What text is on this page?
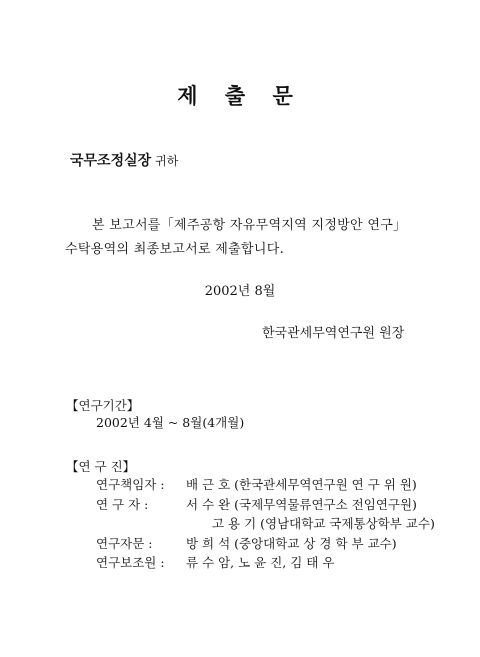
제 출 문
국무조정실장 귀하
본 보고서를「제주공항 자유무역지역 지정방안 연구」
수탁용역의 최종보고서로 제출합니다.
2002년 8월
한국관세무역연구원 원장
【연구기간】
2002년 4월 ~ 8월(4개월)
【연 구 진】
연구책임자 : 배 근 호 (한국관세무역연구원 연 구 위 원)
연 구 자 :	서 수 완 (국제무역물류연구소 전임연구원)
고 용 기 (영남대학교 국제통상학부 교수)
연구자문 :	방 희 석 (중앙대학교 상 경 학 부 교수)
연구보조원 : 류 수 암, 노 윤 진, 김 태 우
